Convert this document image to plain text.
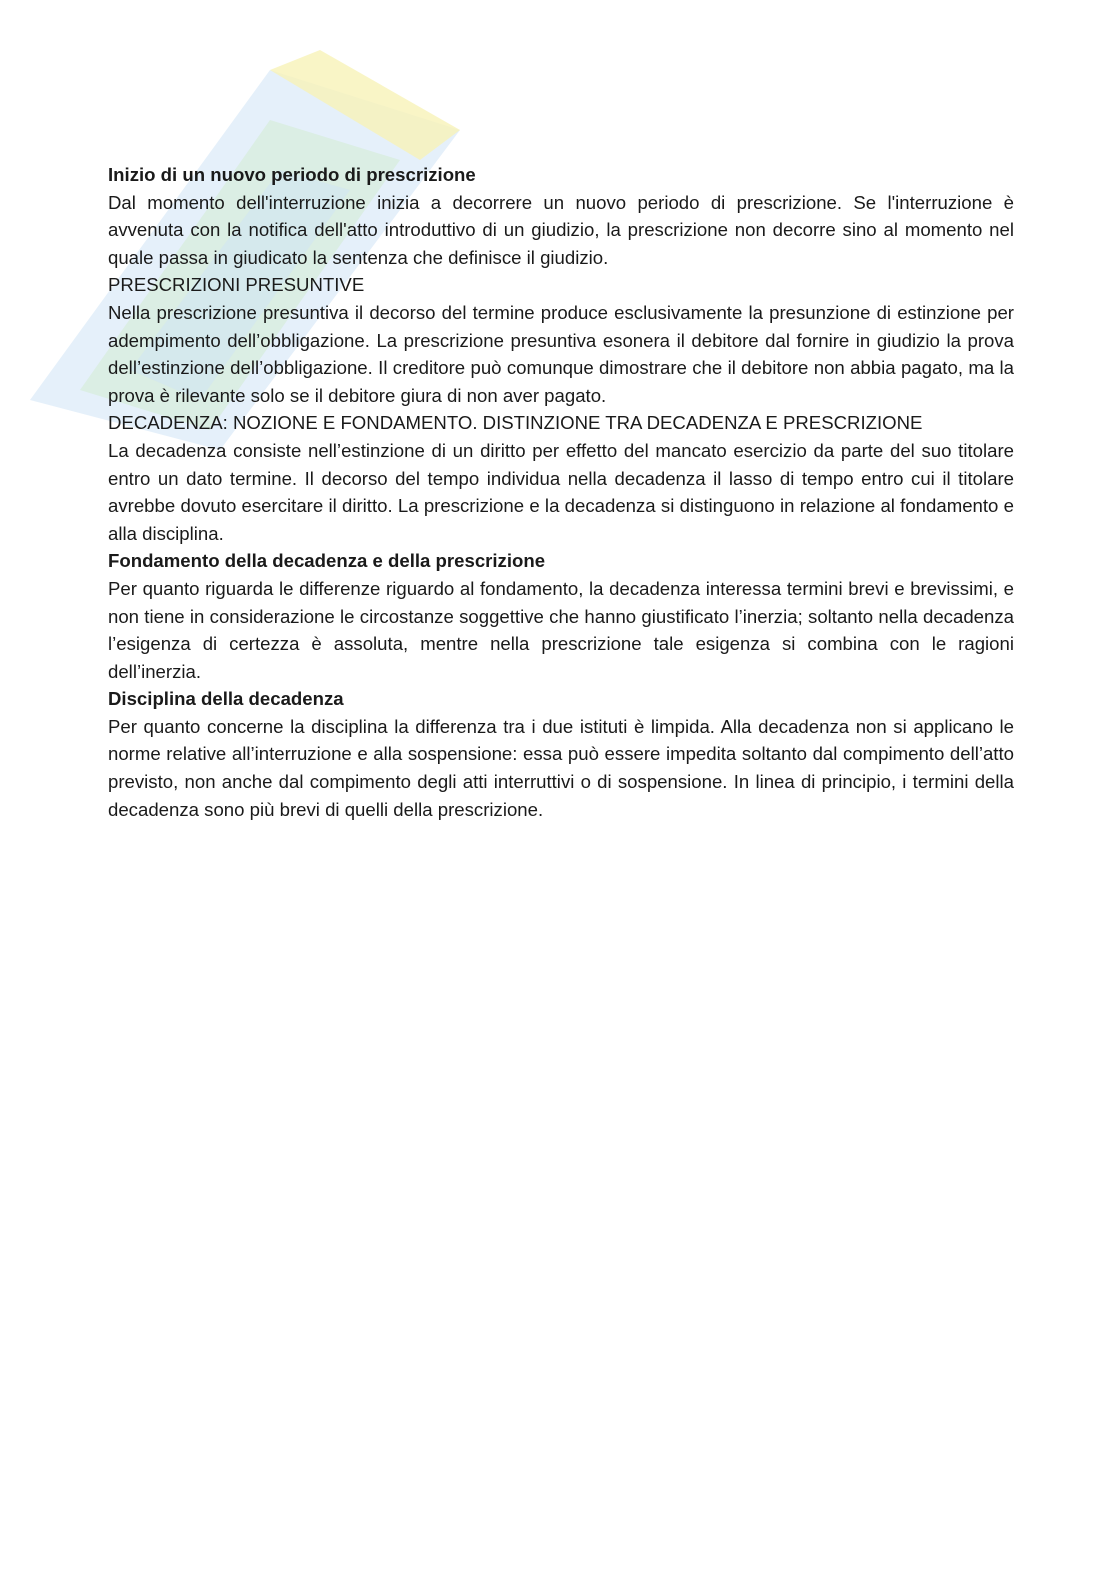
Inizio di un nuovo periodo di prescrizione

Dal momento dell'interruzione inizia a decorrere un nuovo periodo di prescrizione. Se l'interruzione è avvenuta con la notifica dell'atto introduttivo di un giudizio, la prescrizione non decorre sino al momento nel quale passa in giudicato la sentenza che definisce il giudizio.

PRESCRIZIONI PRESUNTIVE

Nella prescrizione presuntiva il decorso del termine produce esclusivamente la presunzione di estinzione per adempimento dell’obbligazione. La prescrizione presuntiva esonera il debitore dal fornire in giudizio la prova dell’estinzione dell’obbligazione. Il creditore può comunque dimostrare che il debitore non abbia pagato, ma la prova è rilevante solo se il debitore giura di non aver pagato.

DECADENZA: NOZIONE E FONDAMENTO. DISTINZIONE TRA DECADENZA E PRESCRIZIONE

La decadenza consiste nell’estinzione di un diritto per effetto del mancato esercizio da parte del suo titolare entro un dato termine. Il decorso del tempo individua nella decadenza il lasso di tempo entro cui il titolare avrebbe dovuto esercitare il diritto. La prescrizione e la decadenza si distinguono in relazione al fondamento e alla disciplina.

Fondamento della decadenza e della prescrizione

Per quanto riguarda le differenze riguardo al fondamento, la decadenza interessa termini brevi e brevissimi, e non tiene in considerazione le circostanze soggettive che hanno giustificato l’inerzia; soltanto nella decadenza l’esigenza di certezza è assoluta, mentre nella prescrizione tale esigenza si combina con le ragioni dell’inerzia.

Disciplina della decadenza

Per quanto concerne la disciplina la differenza tra i due istituti è limpida. Alla decadenza non si applicano le norme relative all’interruzione e alla sospensione: essa può essere impedita soltanto dal compimento dell’atto previsto, non anche dal compimento degli atti interruttivi o di sospensione. In linea di principio, i termini della decadenza sono più brevi di quelli della prescrizione.
